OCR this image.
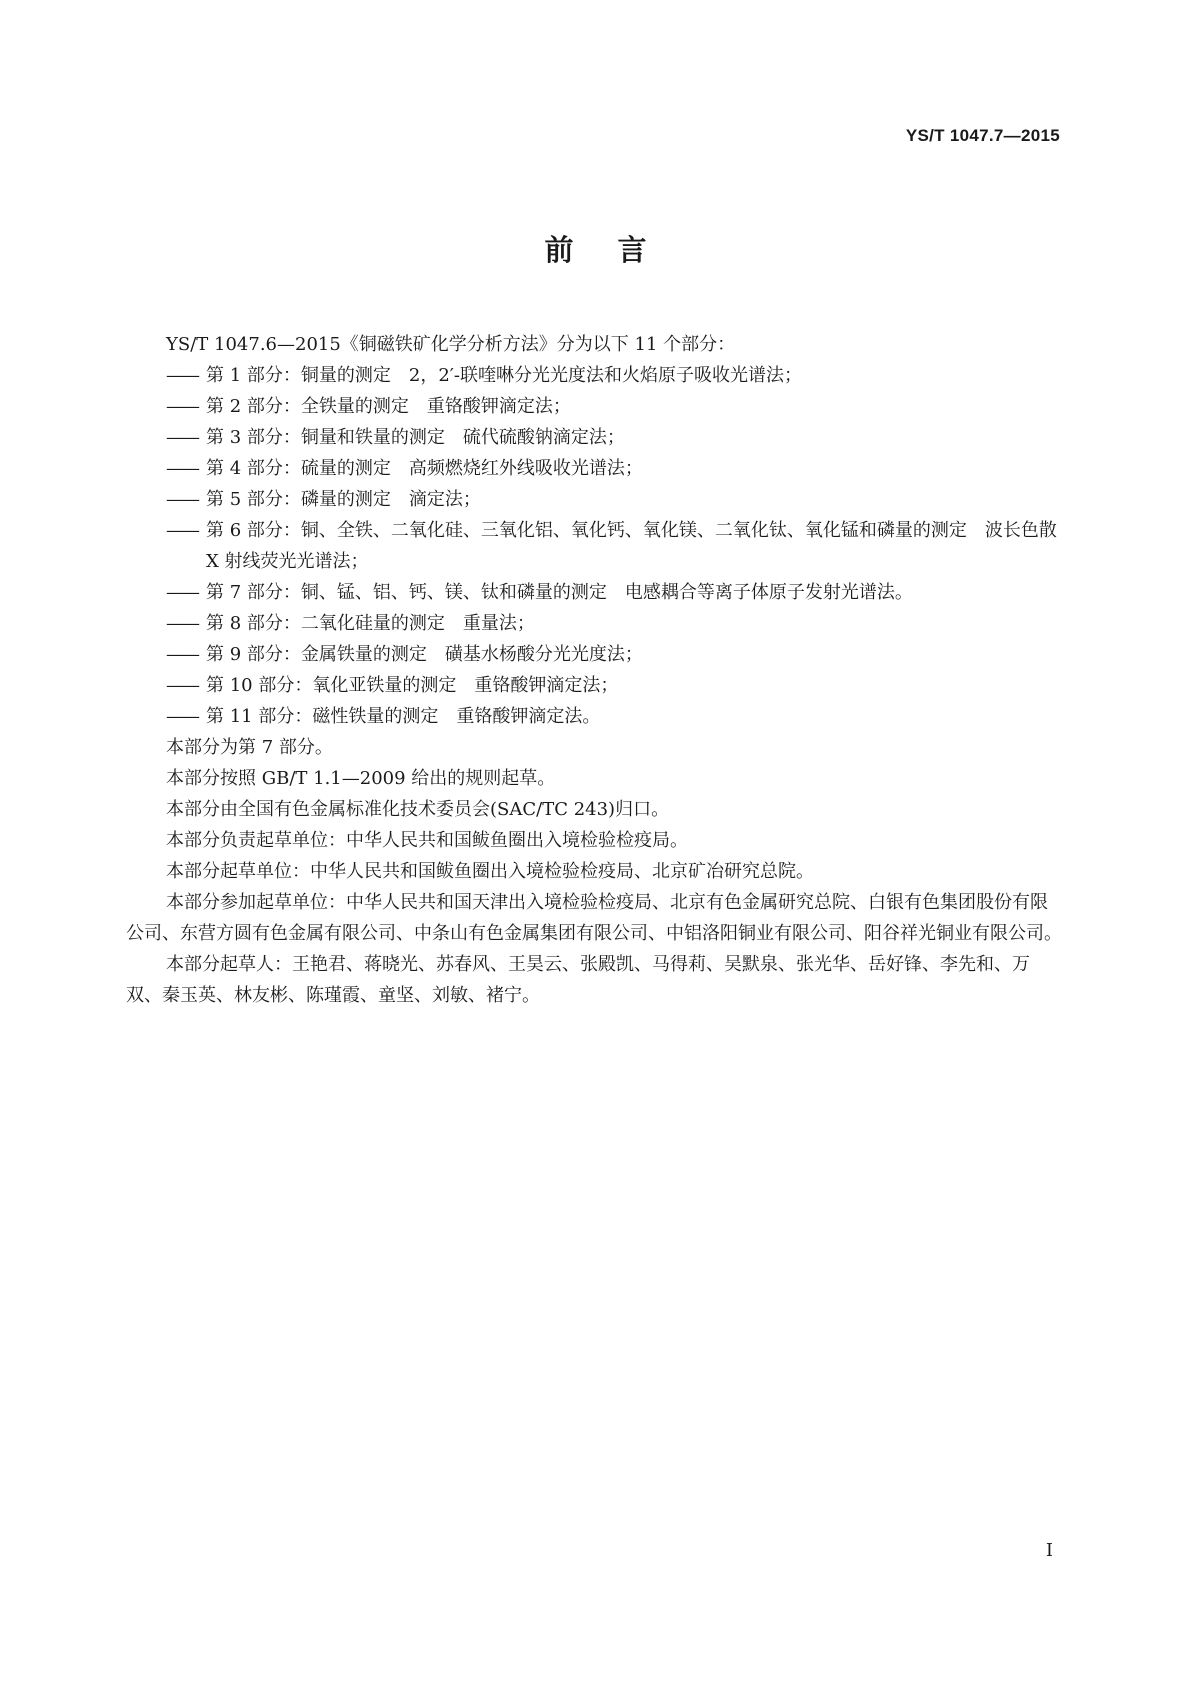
YS/T 1047.7—2015
前言

YS/T 1047.6—2015《铜磁铁矿化学分析方法》分为以下 11 个部分：

—— 第 1 部分：铜量的测定　2，2′-联喹啉分光光度法和火焰原子吸收光谱法；

—— 第 2 部分：全铁量的测定　重铬酸钾滴定法；

—— 第 3 部分：铜量和铁量的测定　硫代硫酸钠滴定法；

—— 第 4 部分：硫量的测定　高频燃烧红外线吸收光谱法；

—— 第 5 部分：磷量的测定　滴定法；

—— 第 6 部分：铜、全铁、二氧化硅、三氧化铝、氧化钙、氧化镁、二氧化钛、氧化锰和磷量的测定　波长色散 X 射线荧光光谱法；

—— 第 7 部分：铜、锰、铝、钙、镁、钛和磷量的测定　电感耦合等离子体原子发射光谱法。

—— 第 8 部分：二氧化硅量的测定　重量法；

—— 第 9 部分：金属铁量的测定　磺基水杨酸分光光度法；

—— 第 10 部分：氧化亚铁量的测定　重铬酸钾滴定法；

—— 第 11 部分：磁性铁量的测定　重铬酸钾滴定法。

本部分为第 7 部分。

本部分按照 GB/T 1.1—2009 给出的规则起草。

本部分由全国有色金属标准化技术委员会(SAC/TC 243)归口。

本部分负责起草单位：中华人民共和国鲅鱼圈出入境检验检疫局。

本部分起草单位：中华人民共和国鲅鱼圈出入境检验检疫局、北京矿冶研究总院。

本部分参加起草单位：中华人民共和国天津出入境检验检疫局、北京有色金属研究总院、白银有色集团股份有限公司、东营方圆有色金属有限公司、中条山有色金属集团有限公司、中铝洛阳铜业有限公司、阳谷祥光铜业有限公司。

本部分起草人：王艳君、蒋晓光、苏春风、王昊云、张殿凯、马得莉、吴默泉、张光华、岳好锋、李先和、万双、秦玉英、林友彬、陈瑾霞、童坚、刘敏、褚宁。

I
